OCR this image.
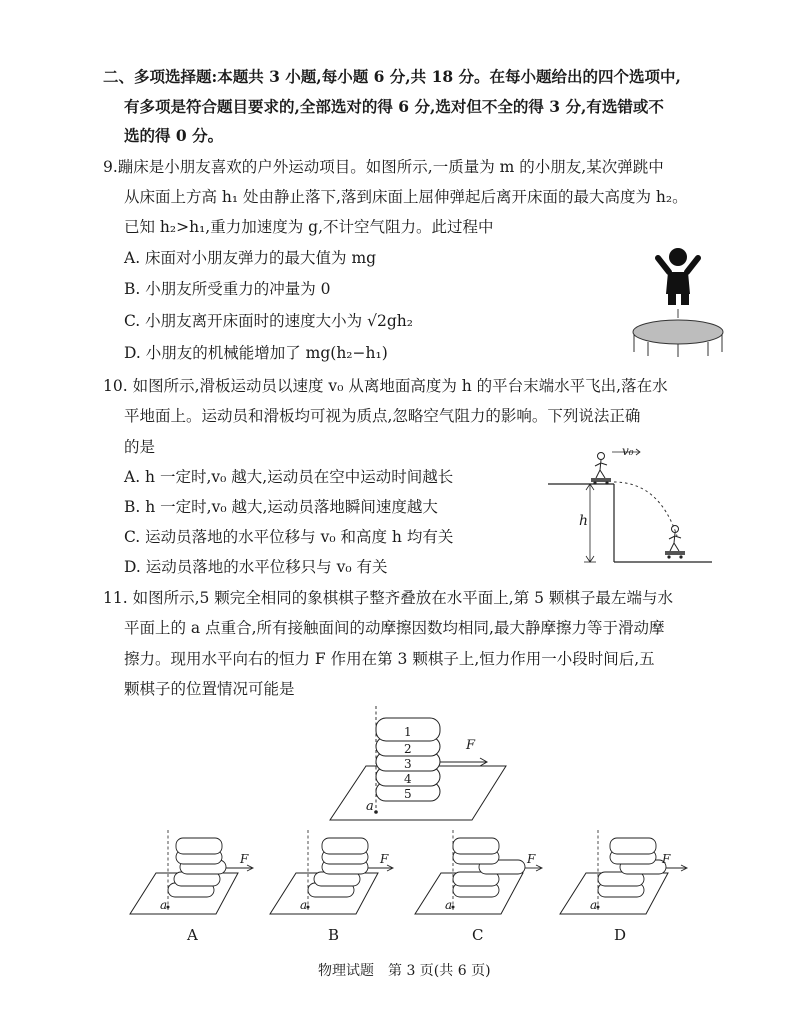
二、多项选择题:本题共 3 小题,每小题 6 分,共 18 分。在每小题给出的四个选项中,
有多项是符合题目要求的,全部选对的得 6 分,选对但不全的得 3 分,有选错或不
选的得 0 分。
9.蹦床是小朋友喜欢的户外运动项目。如图所示,一质量为 m 的小朋友,某次弹跳中
从床面上方高 h₁ 处由静止落下,落到床面上屈伸弹起后离开床面的最大高度为 h₂。
已知 h₂>h₁,重力加速度为 g,不计空气阻力。此过程中
A. 床面对小朋友弹力的最大值为 mg
B. 小朋友所受重力的冲量为 0
C. 小朋友离开床面时的速度大小为 √2gh₂
D. 小朋友的机械能增加了 mg(h₂−h₁)
10. 如图所示,滑板运动员以速度 v₀ 从离地面高度为 h 的平台末端水平飞出,落在水
平地面上。运动员和滑板均可视为质点,忽略空气阻力的影响。下列说法正确
的是
A. h 一定时,v₀ 越大,运动员在空中运动时间越长
B. h 一定时,v₀ 越大,运动员落地瞬间速度越大
C. 运动员落地的水平位移与 v₀ 和高度 h 均有关
D. 运动员落地的水平位移只与 v₀ 有关
v₀
h
11. 如图所示,5 颗完全相同的象棋棋子整齐叠放在水平面上,第 5 颗棋子最左端与水
平面上的 a 点重合,所有接触面间的动摩擦因数均相同,最大静摩擦力等于滑动摩
擦力。现用水平向右的恒力 F 作用在第 3 颗棋子上,恒力作用一小段时间后,五
颗棋子的位置情况可能是
1
2
3
4
5
F
a
F
a
F
a
F
a
F
a
A	B	C	D
物理试题　第 3 页(共 6 页)
